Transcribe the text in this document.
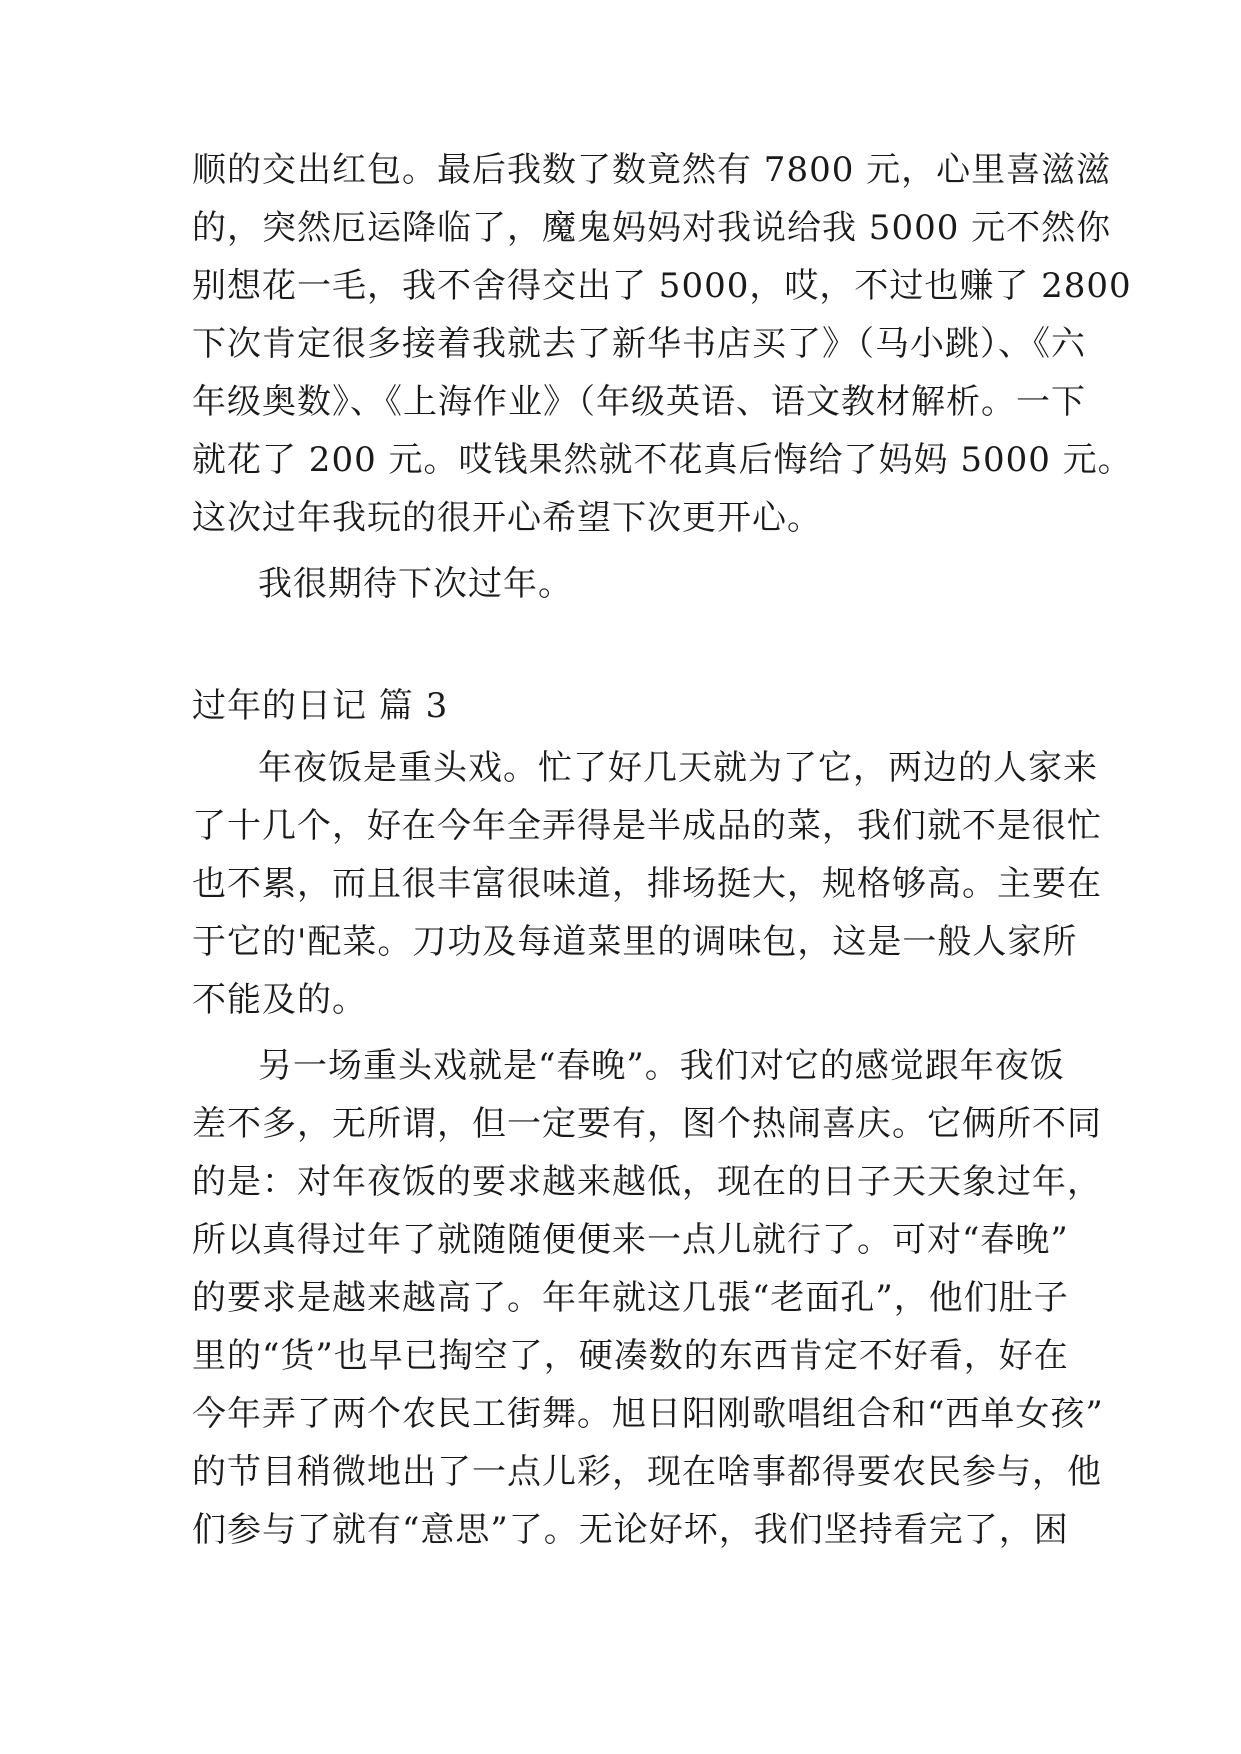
顺的交出红包。最后我数了数竟然有 7800 元，心里喜滋滋
的，突然厄运降临了，魔鬼妈妈对我说给我 5000 元不然你
别想花一毛，我不舍得交出了 5000，哎，不过也赚了 2800
下次肯定很多接着我就去了新华书店买了》（马小跳）、《六
年级奥数》、《上海作业》（年级英语、语文教材解析。一下
就花了 200 元。哎钱果然就不花真后悔给了妈妈 5000 元。
这次过年我玩的很开心希望下次更开心。
我很期待下次过年。
过年的日记 篇 3
年夜饭是重头戏。忙了好几天就为了它，两边的人家来
了十几个，好在今年全弄得是半成品的菜，我们就不是很忙
也不累，而且很丰富很味道，排场挺大，规格够高。主要在
于它的'配菜。刀功及每道菜里的调味包，这是一般人家所
不能及的。
另一场重头戏就是“春晚”。我们对它的感觉跟年夜饭
差不多，无所谓，但一定要有，图个热闹喜庆。它俩所不同
的是：对年夜饭的要求越来越低，现在的日子天天象过年，
所以真得过年了就随随便便来一点儿就行了。可对“春晚”
的要求是越来越高了。年年就这几張“老面孔”，他们肚子
里的“货”也早已掏空了，硬凑数的东西肯定不好看，好在
今年弄了两个农民工街舞。旭日阳刚歌唱组合和“西单女孩”
的节目稍微地出了一点儿彩，现在啥事都得要农民参与，他
们参与了就有“意思”了。无论好坏，我们坚持看完了，困
